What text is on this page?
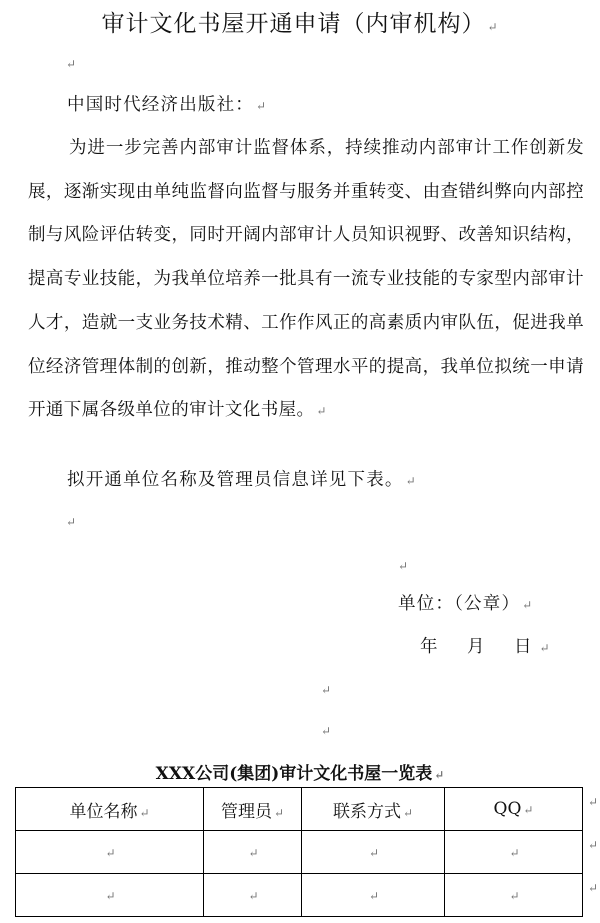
审计文化书屋开通申请（内审机构） ↵
↵
中国时代经济出版社： ↵
为进一步完善内部审计监督体系，持续推动内部审计工作创新发展，逐渐实现由单纯监督向监督与服务并重转变、由查错纠弊向内部控制与风险评估转变，同时开阔内部审计人员知识视野、改善知识结构，提高专业技能，为我单位培养一批具有一流专业技能的专家型内部审计人才，造就一支业务技术精、工作作风正的高素质内审队伍，促进我单位经济管理体制的创新，推动整个管理水平的提高，我单位拟统一申请开通下属各级单位的审计文化书屋。 ↵
拟开通单位名称及管理员信息详见下表。 ↵
↵
↵
单位：（公章） ↵
年　月　日 ↵
↵
↵
XXX公司(集团)审计文化书屋一览表 ↵
单位名称 ↵	管理员 ↵	联系方式 ↵	QQ ↵
↵	↵	↵	↵
↵	↵	↵	↵
↵
↵
↵
